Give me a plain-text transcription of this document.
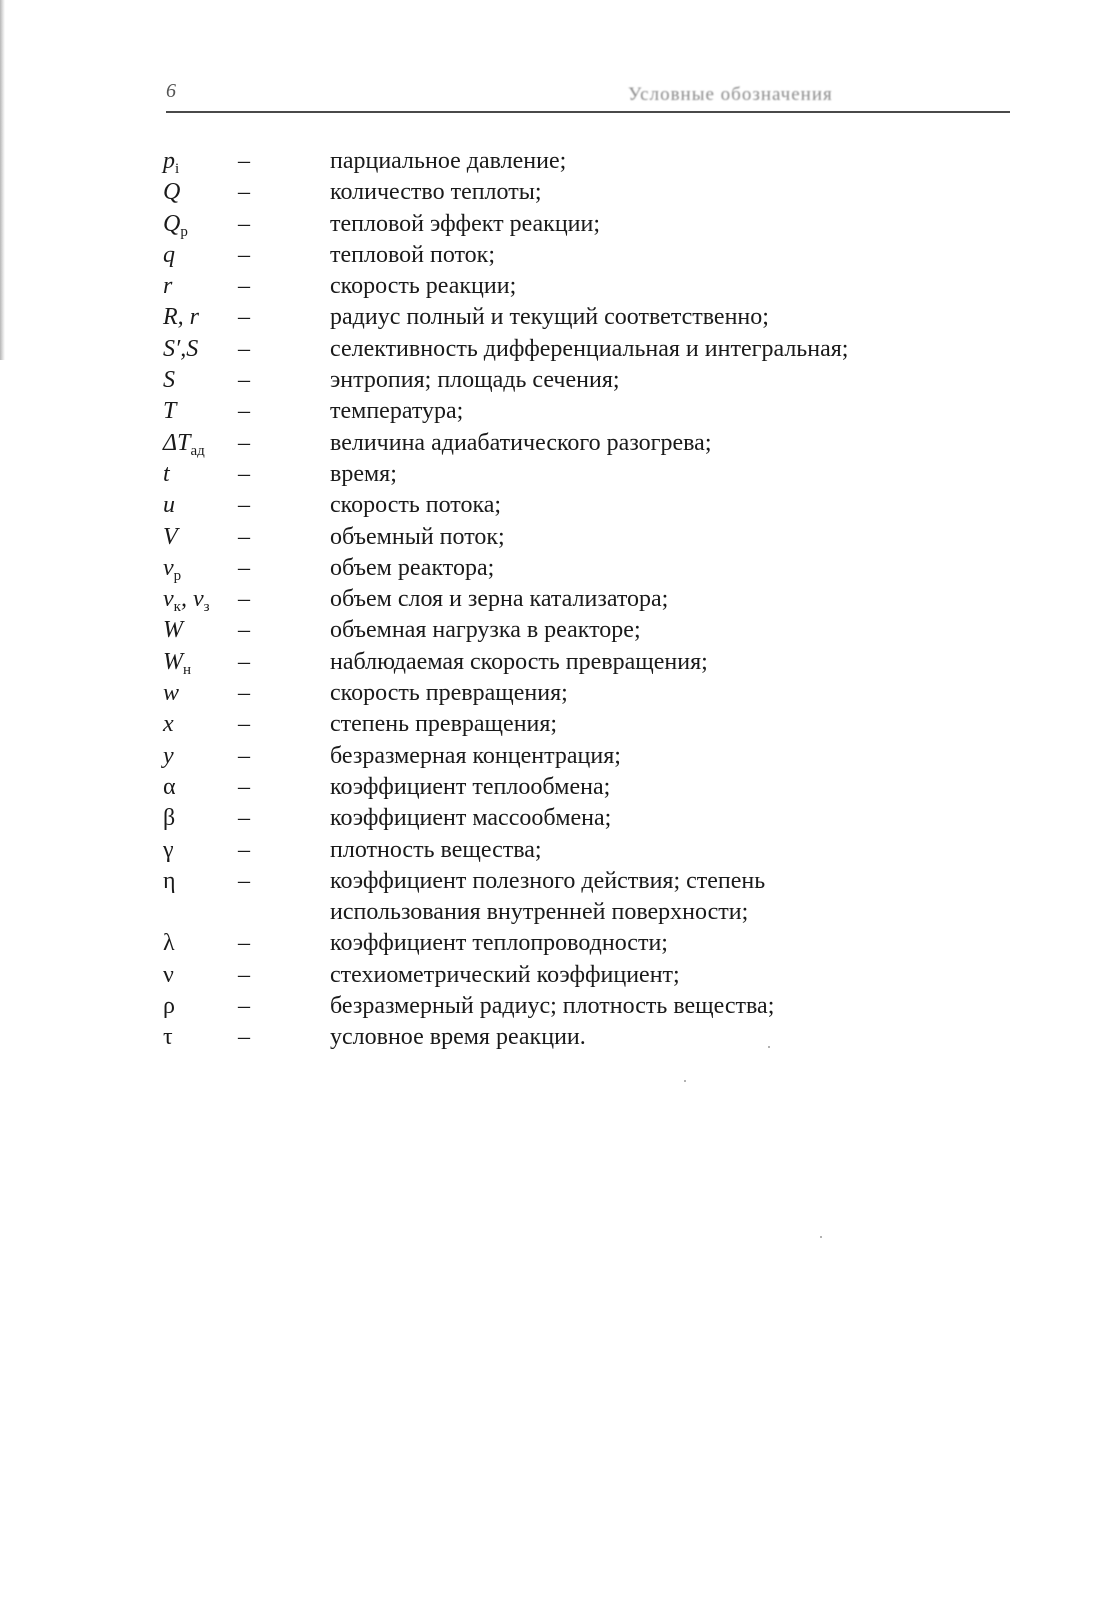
6	Условные обозначения
$p_i$	–	парциальное давление;
Q	–	количество теплоты;
$Q_р$	–	тепловой эффект реакции;
q	–	тепловой поток;
r	–	скорость реакции;
R, r	–	радиус полный и текущий соответственно;
S′,S	–	селективность дифференциальная и интегральная;
S	–	энтропия; площадь сечения;
T	–	температура;
$\Delta T_{ад}$	–	величина адиабатического разогрева;
t	–	время;
u	–	скорость потока;
V	–	объемный поток;
$v_р$	–	объем реактора;
$v_к$, $v_з$	–	объем слоя и зерна катализатора;
W	–	объемная нагрузка в реакторе;
$W_н$	–	наблюдаемая скорость превращения;
w	–	скорость превращения;
x	–	степень превращения;
y	–	безразмерная концентрация;
α	–	коэффициент теплообмена;
β	–	коэффициент массообмена;
γ	–	плотность вещества;
η	–	коэффициент полезного действия; степень
использования внутренней поверхности;
λ	–	коэффициент теплопроводности;
ν	–	стехиометрический коэффициент;
ρ	–	безразмерный радиус; плотность вещества;
τ	–	условное время реакции.
